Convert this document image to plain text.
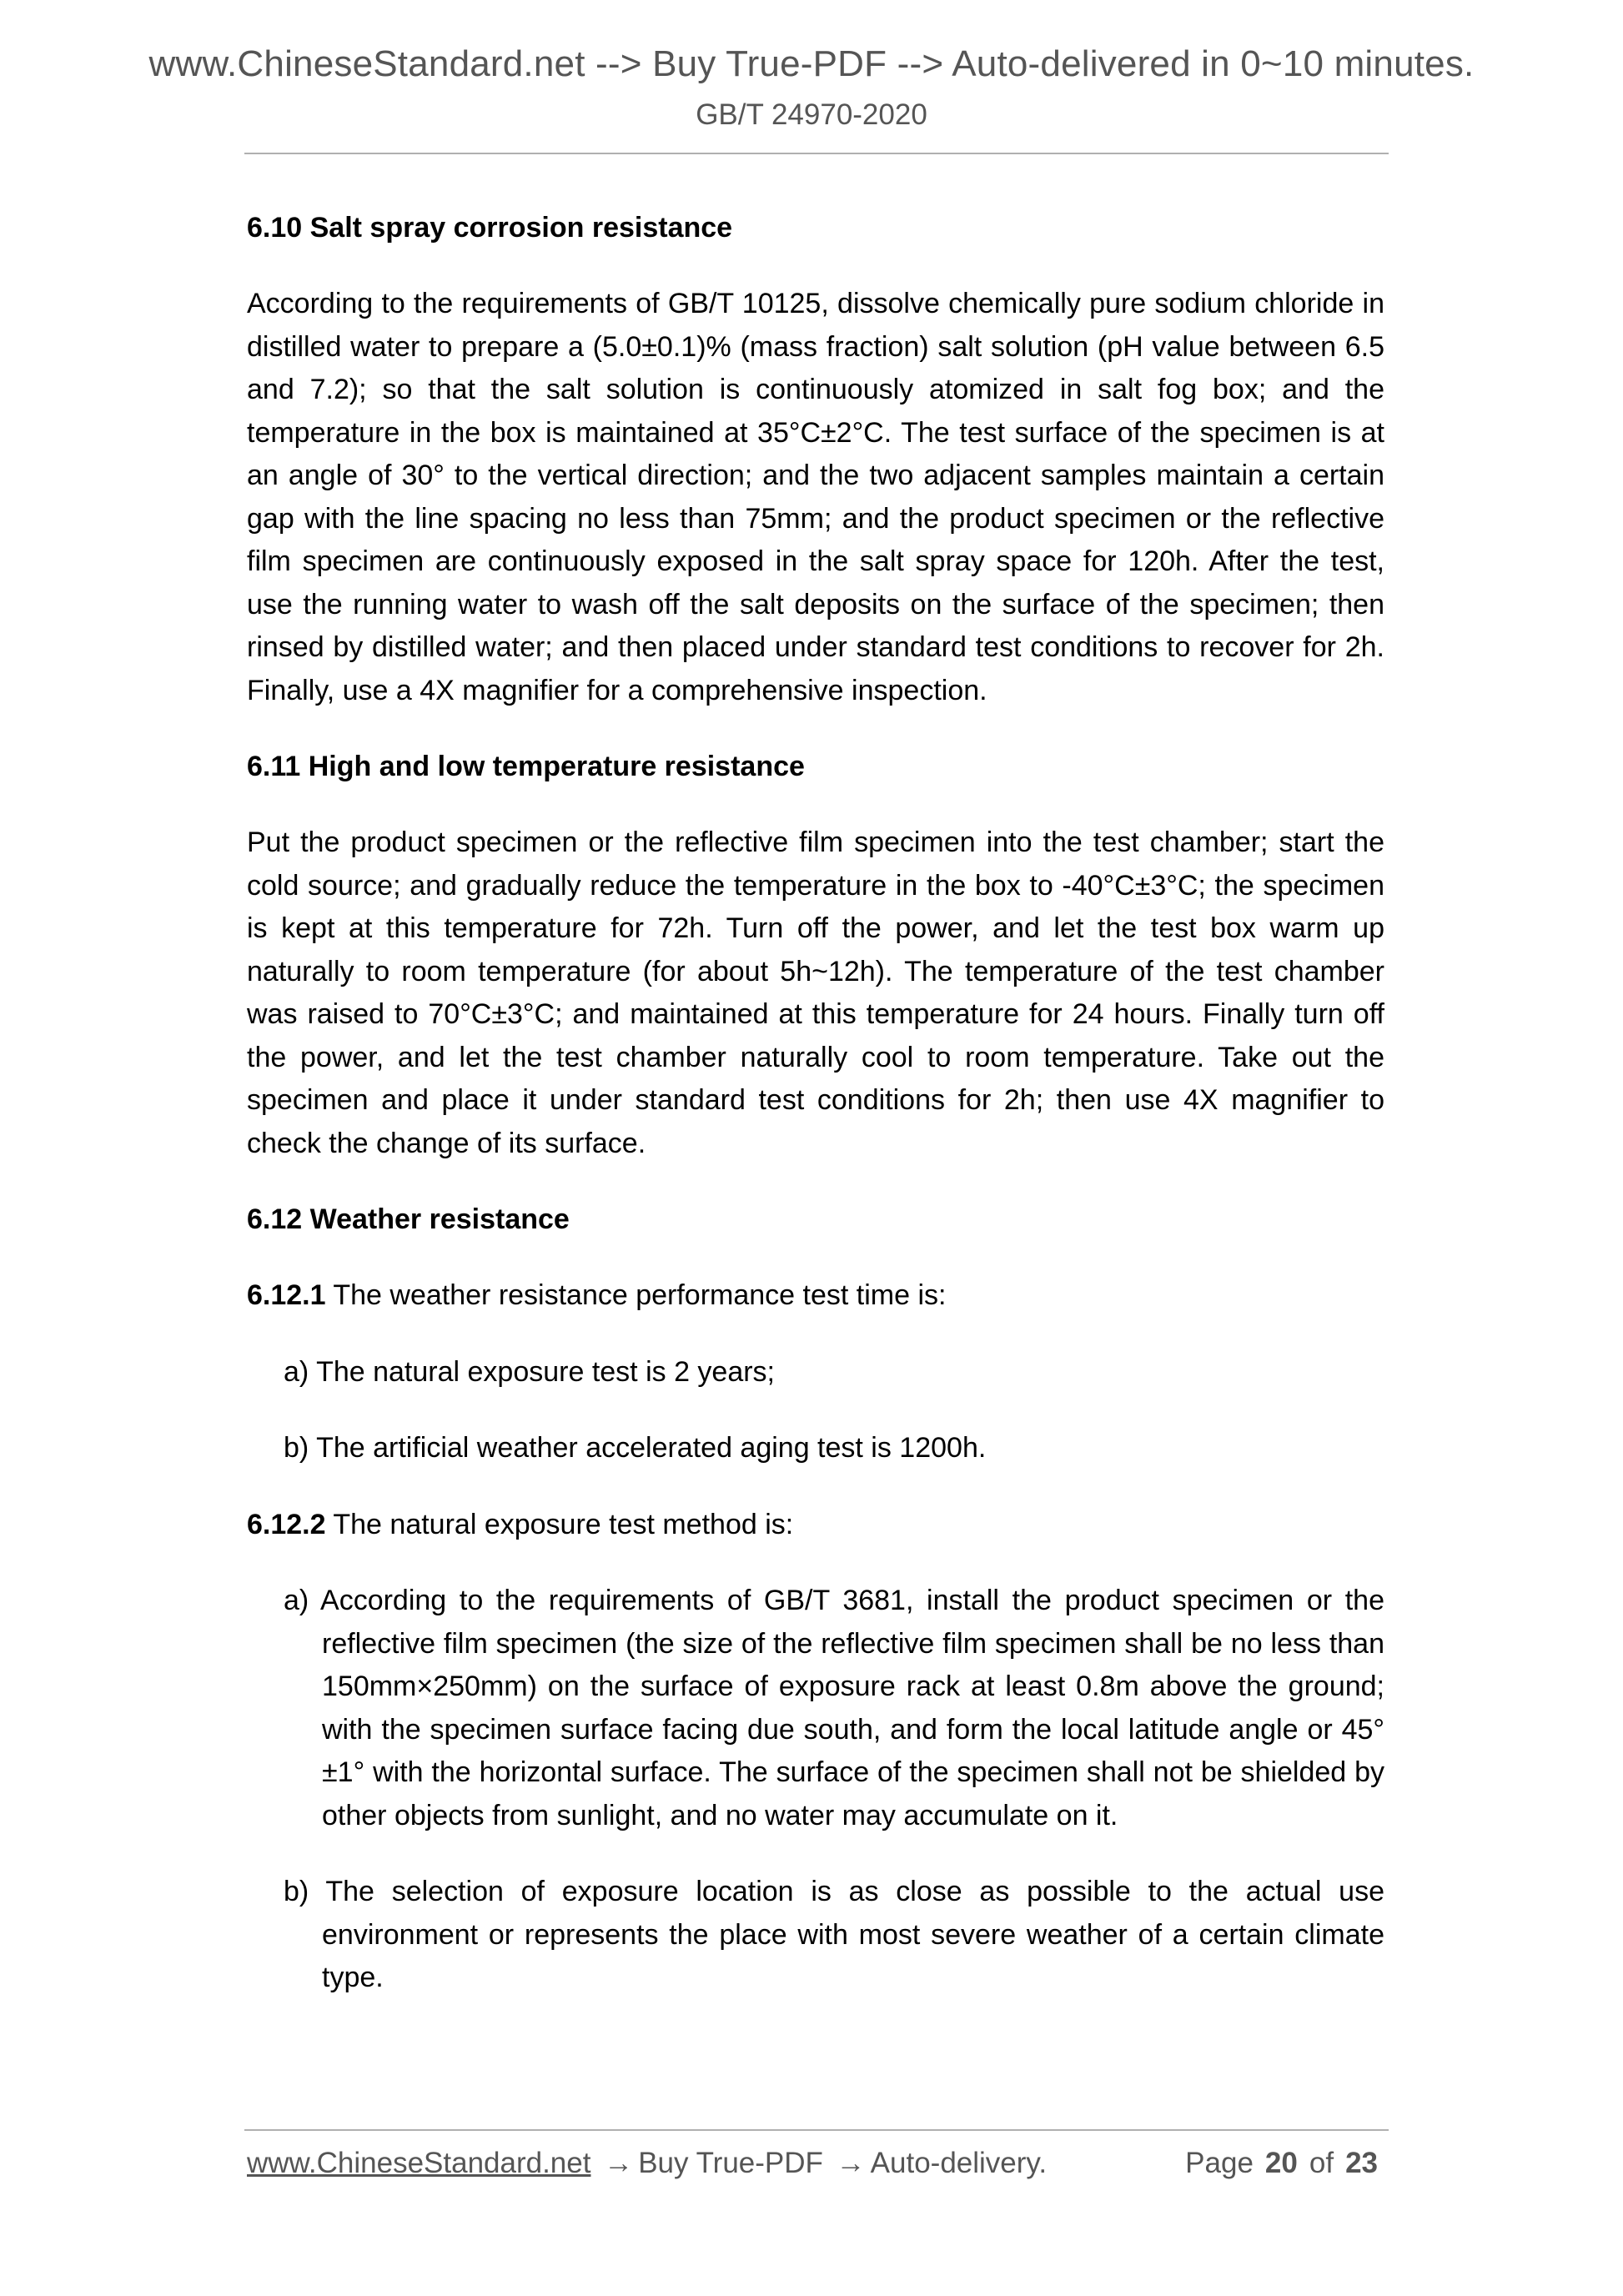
www.ChineseStandard.net --> Buy True-PDF --> Auto-delivered in 0~10 minutes.
GB/T 24970-2020

6.10 Salt spray corrosion resistance

According to the requirements of GB/T 10125, dissolve chemically pure sodium chloride in distilled water to prepare a (5.0±0.1)% (mass fraction) salt solution (pH value between 6.5 and 7.2); so that the salt solution is continuously atomized in salt fog box; and the temperature in the box is maintained at 35°C±2°C. The test surface of the specimen is at an angle of 30° to the vertical direction; and the two adjacent samples maintain a certain gap with the line spacing no less than 75mm; and the product specimen or the reflective film specimen are continuously exposed in the salt spray space for 120h. After the test, use the running water to wash off the salt deposits on the surface of the specimen; then rinsed by distilled water; and then placed under standard test conditions to recover for 2h. Finally, use a 4X magnifier for a comprehensive inspection.

6.11 High and low temperature resistance

Put the product specimen or the reflective film specimen into the test chamber; start the cold source; and gradually reduce the temperature in the box to -40°C±3°C; the specimen is kept at this temperature for 72h. Turn off the power, and let the test box warm up naturally to room temperature (for about 5h~12h). The temperature of the test chamber was raised to 70°C±3°C; and maintained at this temperature for 24 hours. Finally turn off the power, and let the test chamber naturally cool to room temperature. Take out the specimen and place it under standard test conditions for 2h; then use 4X magnifier to check the change of its surface.

6.12 Weather resistance

6.12.1 The weather resistance performance test time is:

a) The natural exposure test is 2 years;

b) The artificial weather accelerated aging test is 1200h.

6.12.2 The natural exposure test method is:

a) According to the requirements of GB/T 3681, install the product specimen or the reflective film specimen (the size of the reflective film specimen shall be no less than 150mm×250mm) on the surface of exposure rack at least 0.8m above the ground; with the specimen surface facing due south, and form the local latitude angle or 45°±1° with the horizontal surface. The surface of the specimen shall not be shielded by other objects from sunlight, and no water may accumulate on it.

b) The selection of exposure location is as close as possible to the actual use environment or represents the place with most severe weather of a certain climate type.

www.ChineseStandard.net → Buy True-PDF → Auto-delivery.	Page 20 of 23
